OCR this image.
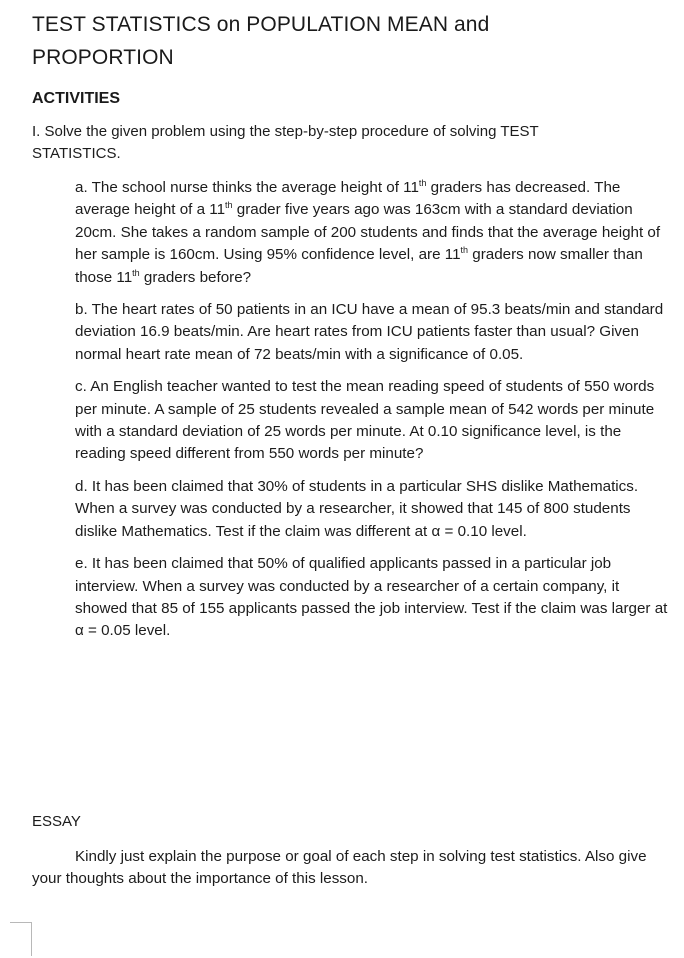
TEST STATISTICS on POPULATION MEAN and
PROPORTION
ACTIVITIES
I. Solve the given problem using the step-by-step procedure of solving TEST
STATISTICS.

a. The school nurse thinks the average height of 11th graders has decreased. The average height of a 11th grader five years ago was 163cm with a standard deviation 20cm. She takes a random sample of 200 students and finds that the average height of her sample is 160cm. Using 95% confidence level, are 11th graders now smaller than those 11th graders before?

b. The heart rates of 50 patients in an ICU have a mean of 95.3 beats/min and standard deviation 16.9 beats/min. Are heart rates from ICU patients faster than usual? Given normal heart rate mean of 72 beats/min with a significance of 0.05.

c. An English teacher wanted to test the mean reading speed of students of 550 words per minute. A sample of 25 students revealed a sample mean of 542 words per minute with a standard deviation of 25 words per minute. At 0.10 significance level, is the reading speed different from 550 words per minute?

d. It has been claimed that 30% of students in a particular SHS dislike Mathematics. When a survey was conducted by a researcher, it showed that 145 of 800 students dislike Mathematics. Test if the claim was different at α = 0.10 level.

e. It has been claimed that 50% of qualified applicants passed in a particular job interview. When a survey was conducted by a researcher of a certain company, it showed that 85 of 155 applicants passed the job interview. Test if the claim was larger at α = 0.05 level.

ESSAY
Kindly just explain the purpose or goal of each step in solving test statistics. Also give your thoughts about the importance of this lesson.
